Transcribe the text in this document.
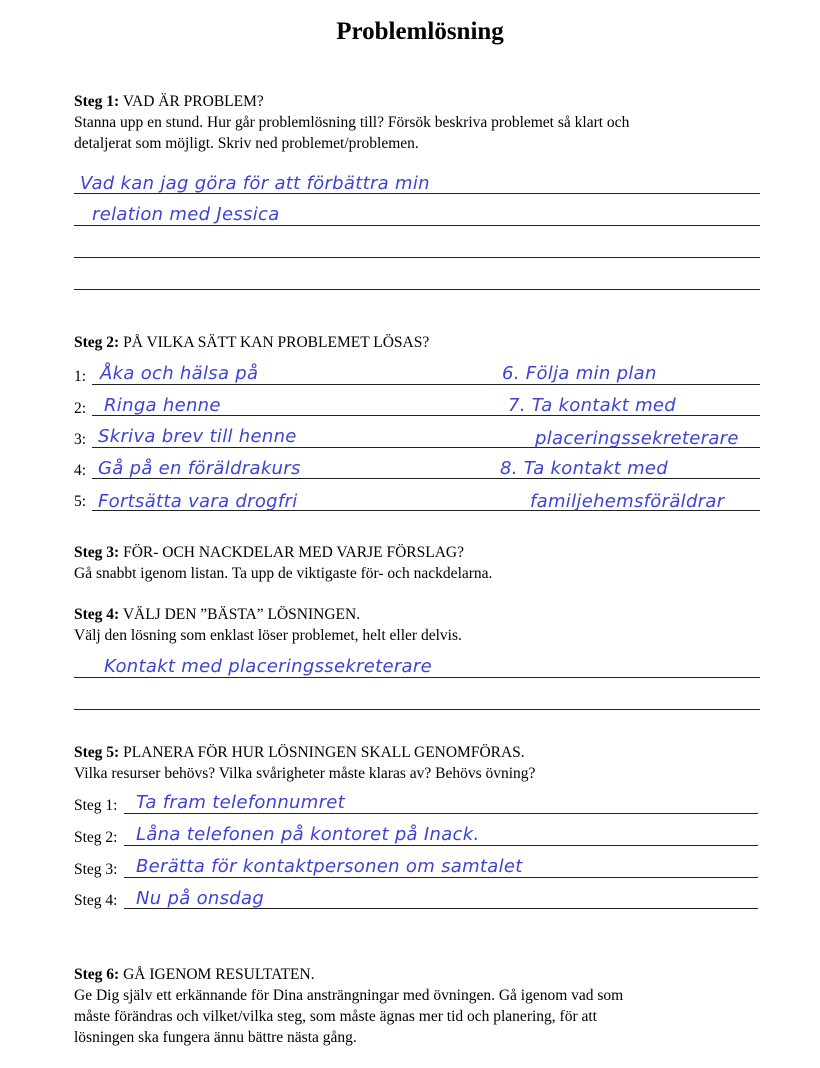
Problemlösning
Steg 1: VAD ÄR PROBLEM?
Stanna upp en stund. Hur går problemlösning till? Försök beskriva problemet så klart och
detaljerat som möjligt. Skriv ned problemet/problemen.
Vad kan jag göra för att förbättra min
relation med Jessica
Steg 2: PÅ VILKA SÄTT KAN PROBLEMET LÖSAS?
1:
2:
3:
4:
5:
Åka och hälsa på
Ringa henne
Skriva brev till henne
Gå på en föräldrakurs
Fortsätta vara drogfri
6. Följa min plan
7. Ta kontakt med
placeringssekreterare
8. Ta kontakt med
familjehemsföräldrar
Steg 3: FÖR- OCH NACKDELAR MED VARJE FÖRSLAG?
Gå snabbt igenom listan. Ta upp de viktigaste för- och nackdelarna.
Steg 4: VÄLJ DEN ”BÄSTA” LÖSNINGEN.
Välj den lösning som enklast löser problemet, helt eller delvis.
Kontakt med placeringssekreterare
Steg 5: PLANERA FÖR HUR LÖSNINGEN SKALL GENOMFÖRAS.
Vilka resurser behövs? Vilka svårigheter måste klaras av? Behövs övning?
Steg 1:
Steg 2:
Steg 3:
Steg 4:
Ta fram telefonnumret
Låna telefonen på kontoret på Inack.
Berätta för kontaktpersonen om samtalet
Nu på onsdag
Steg 6: GÅ IGENOM RESULTATEN.
Ge Dig själv ett erkännande för Dina ansträngningar med övningen. Gå igenom vad som
måste förändras och vilket/vilka steg, som måste ägnas mer tid och planering, för att
lösningen ska fungera ännu bättre nästa gång.
